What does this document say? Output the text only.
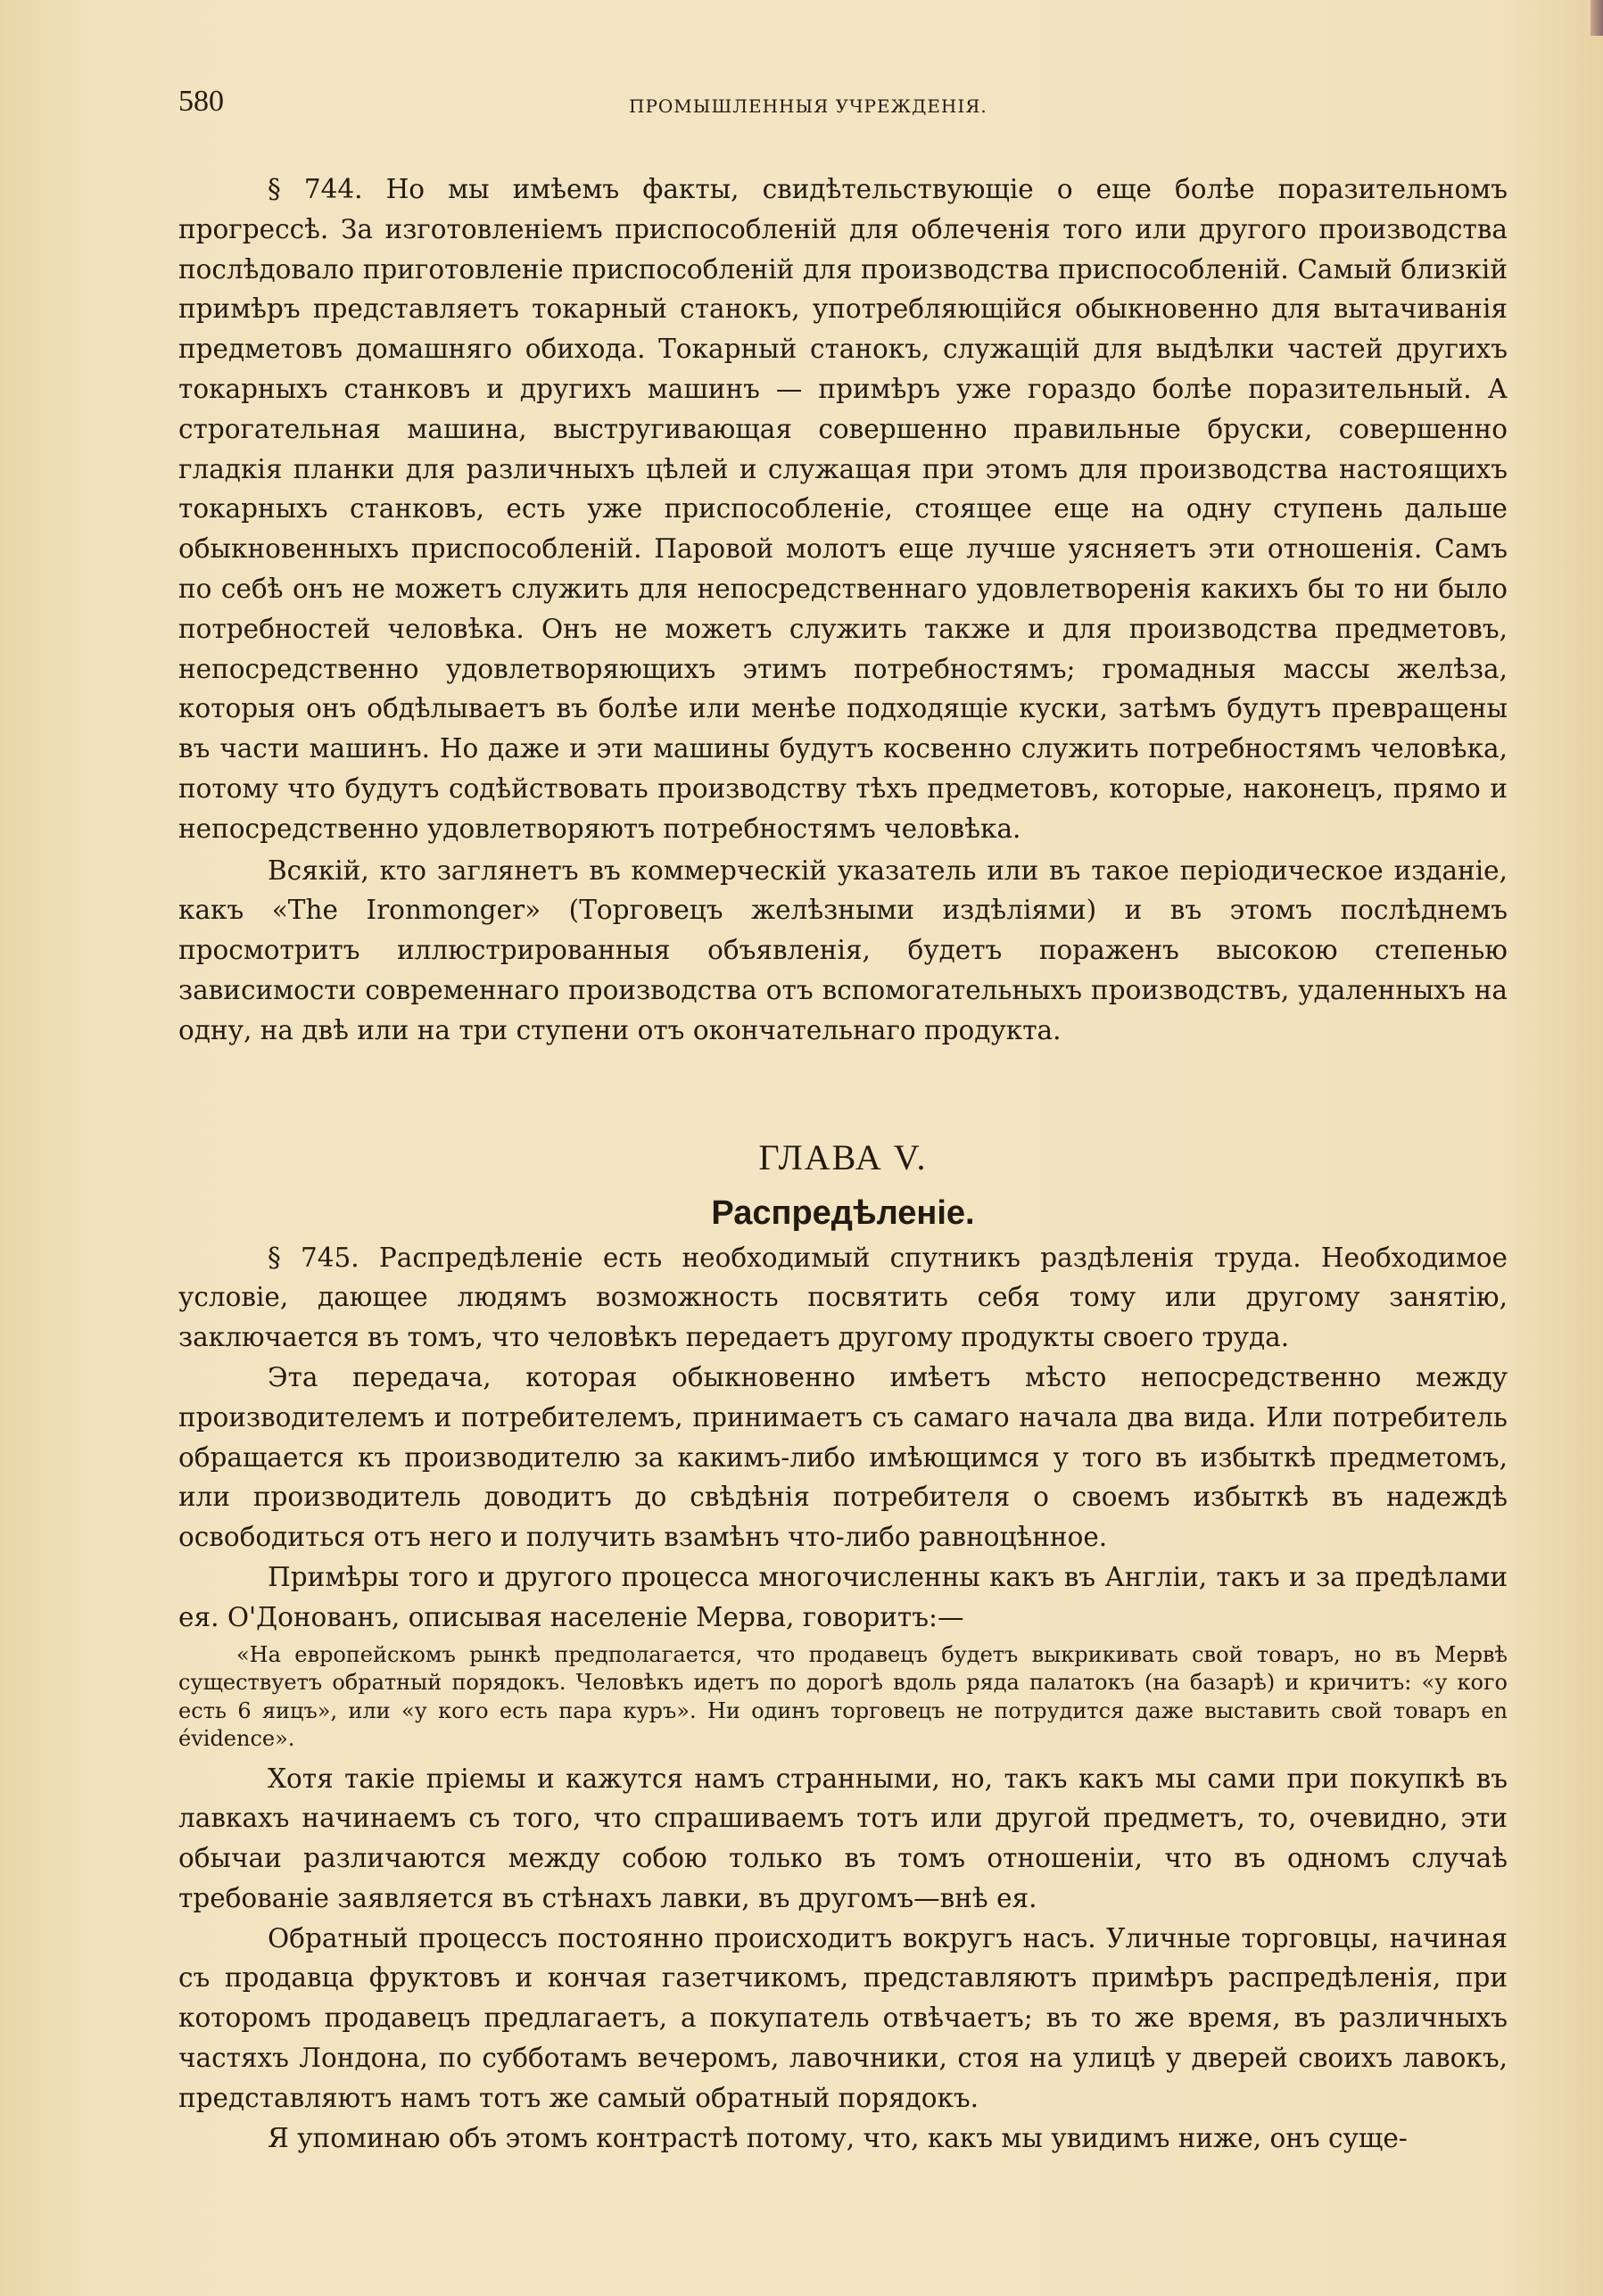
580	ПРОМЫШЛЕННЫЯ УЧРЕЖДЕНІЯ.

§ 744. Но мы имѣемъ факты, свидѣтельствующіе о еще болѣе поразительномъ прогрессѣ. За изготовленіемъ приспособленій для облеченія того или другого производства послѣдовало приготовленіе приспособленій для производства приспособленій. Самый близкій примѣръ представляетъ токарный станокъ, употребляющійся обыкновенно для вытачиванія предметовъ домашняго обихода. Токарный станокъ, служащій для выдѣлки частей другихъ токарныхъ станковъ и другихъ машинъ — примѣръ уже гораздо болѣе поразительный. А строгательная машина, выстругивающая совершенно правильные бруски, совершенно гладкія планки для различныхъ цѣлей и служащая при этомъ для производства настоящихъ токарныхъ станковъ, есть уже приспособленіе, стоящее еще на одну ступень дальше обыкновенныхъ приспособленій. Паровой молотъ еще лучше уясняетъ эти отношенія. Самъ по себѣ онъ не можетъ служить для непосредственнаго удовлетворенія какихъ бы то ни было потребностей человѣка. Онъ не можетъ служить также и для производства предметовъ, непосредственно удовлетворяющихъ этимъ потребностямъ; громадныя массы желѣза, которыя онъ обдѣлываетъ въ болѣе или менѣе подходящіе куски, затѣмъ будутъ превращены въ части машинъ. Но даже и эти машины будутъ косвенно служить потребностямъ человѣка, потому что будутъ содѣйствовать производству тѣхъ предметовъ, которые, наконецъ, прямо и непосредственно удовлетворяютъ потребностямъ человѣка.

Всякій, кто заглянетъ въ коммерческій указатель или въ такое періодическое изданіе, какъ «The Ironmonger» (Торговецъ желѣзными издѣліями) и въ этомъ послѣднемъ просмотритъ иллюстрированныя объявленія, будетъ пораженъ высокою степенью зависимости современнаго производства отъ вспомогательныхъ производствъ, удаленныхъ на одну, на двѣ или на три ступени отъ окончательнаго продукта.

ГЛАВА V.

Распредѣленіе.

§ 745. Распредѣленіе есть необходимый спутникъ раздѣленія труда. Необходимое условіе, дающее людямъ возможность посвятить себя тому или другому занятію, заключается въ томъ, что человѣкъ передаетъ другому продукты своего труда.

Эта передача, которая обыкновенно имѣетъ мѣсто непосредственно между производителемъ и потребителемъ, принимаетъ съ самаго начала два вида. Или потребитель обращается къ производителю за какимъ-либо имѣющимся у того въ избыткѣ предметомъ, или производитель доводитъ до свѣдѣнія потребителя о своемъ избыткѣ въ надеждѣ освободиться отъ него и получить взамѣнъ что-либо равноцѣнное.

Примѣры того и другого процесса многочисленны какъ въ Англіи, такъ и за предѣлами ея. О'Донованъ, описывая населеніе Мерва, говоритъ:—

«На европейскомъ рынкѣ предполагается, что продавецъ будетъ выкрикивать свой товаръ, но въ Мервѣ существуетъ обратный порядокъ. Человѣкъ идетъ по дорогѣ вдоль ряда палатокъ (на базарѣ) и кричитъ: «у кого есть 6 яицъ», или «у кого есть пара куръ». Ни одинъ торговецъ не потрудится даже выставить свой товаръ en évidence».

Хотя такіе пріемы и кажутся намъ странными, но, такъ какъ мы сами при покупкѣ въ лавкахъ начинаемъ съ того, что спрашиваемъ тотъ или другой предметъ, то, очевидно, эти обычаи различаются между собою только въ томъ отношеніи, что въ одномъ случаѣ требованіе заявляется въ стѣнахъ лавки, въ другомъ—внѣ ея.

Обратный процессъ постоянно происходитъ вокругъ насъ. Уличные торговцы, начиная съ продавца фруктовъ и кончая газетчикомъ, представляютъ примѣръ распредѣленія, при которомъ продавецъ предлагаетъ, а покупатель отвѣчаетъ; въ то же время, въ различныхъ частяхъ Лондона, по субботамъ вечеромъ, лавочники, стоя на улицѣ у дверей своихъ лавокъ, представляютъ намъ тотъ же самый обратный порядокъ.

Я упоминаю объ этомъ контрастѣ потому, что, какъ мы увидимъ ниже, онъ суще-
